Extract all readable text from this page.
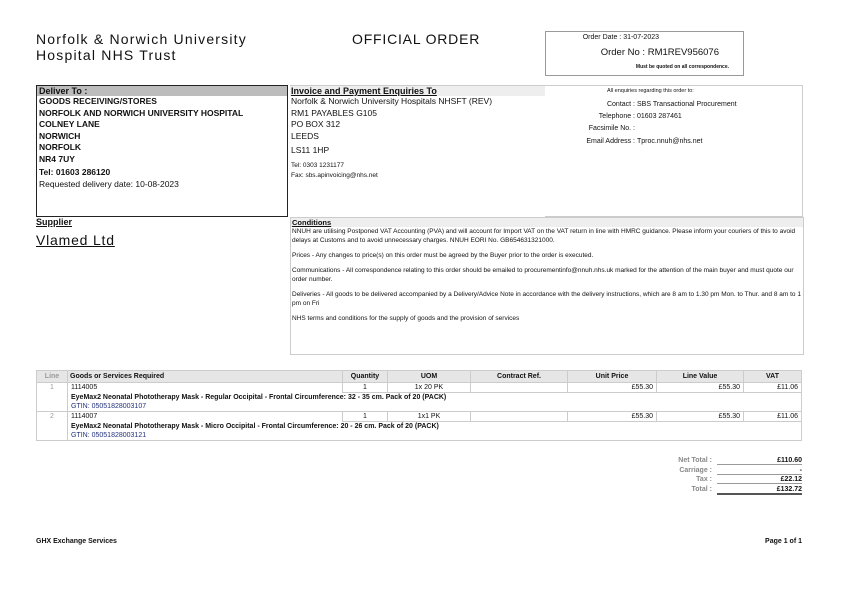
Norfolk & Norwich University
Hospital NHS Trust
OFFICIAL ORDER	Order Date : 31-07-2023
Order No : RM1REV956076
Must be quoted on all correspondence.
Deliver To :
GOODS RECEIVING/STORES
NORFOLK AND NORWICH UNIVERSITY HOSPITAL
COLNEY LANE
NORWICH
NORFOLK
NR4 7UY
Tel: 01603 286120
Requested delivery date: 10-08-2023
Invoice and Payment Enquiries To
Norfolk & Norwich University Hospitals NHSFT (REV)
RM1 PAYABLES G105
PO BOX 312
LEEDS
LS11 1HP
Tel: 0303 1231177
Fax: sbs.apinvoicing@nhs.net
All enquiries regarding this order to:
Contact : SBS Transactional Procurement
Telephone : 01603 287461
Facsimile No. :
Email Address : Tproc.nnuh@nhs.net
Supplier
Vlamed Ltd
Conditions

NNUH are utilising Postponed VAT Accounting (PVA) and will account for Import VAT on the VAT return in line with HMRC guidance. Please inform your couriers of this to avoid delays at Customs and to avoid unnecessary charges. NNUH EORI No. GB654631321000.

Prices - Any changes to price(s) on this order must be agreed by the Buyer prior to the order is executed.

Communications - All correspondence relating to this order should be emailed to procurementinfo@nnuh.nhs.uk marked for the attention of the main buyer and must quote our order number.

Deliveries - All goods to be delivered accompanied by a Delivery/Advice Note in accordance with the delivery instructions, which are 8 am to 1.30 pm Mon. to Thur. and 8 am to 1 pm on Fri

NHS terms and conditions for the supply of goods and the provision of services

Line	Goods or Services Required	Quantity	UOM	Contract Ref.	Unit Price	Line Value	VAT
1	1114005	1	1x 20 PK		£55.30	£55.30	£11.06
	EyeMax2 Neonatal Phototherapy Mask - Regular Occipital - Frontal Circumference: 32 - 35 cm. Pack of 20 (PACK)						
	GTIN: 05051828003107						
2	1114007	1	1x1 PK		£55.30	£55.30	£11.06
	EyeMax2 Neonatal Phototherapy Mask - Micro Occipital - Frontal Circumference: 20 - 26 cm. Pack of 20 (PACK)						
	GTIN: 05051828003121						
Net Total :	£110.60
Carriage :	-
Tax :	£22.12
Total :	£132.72
GHX Exchange Services	Page 1 of 1
